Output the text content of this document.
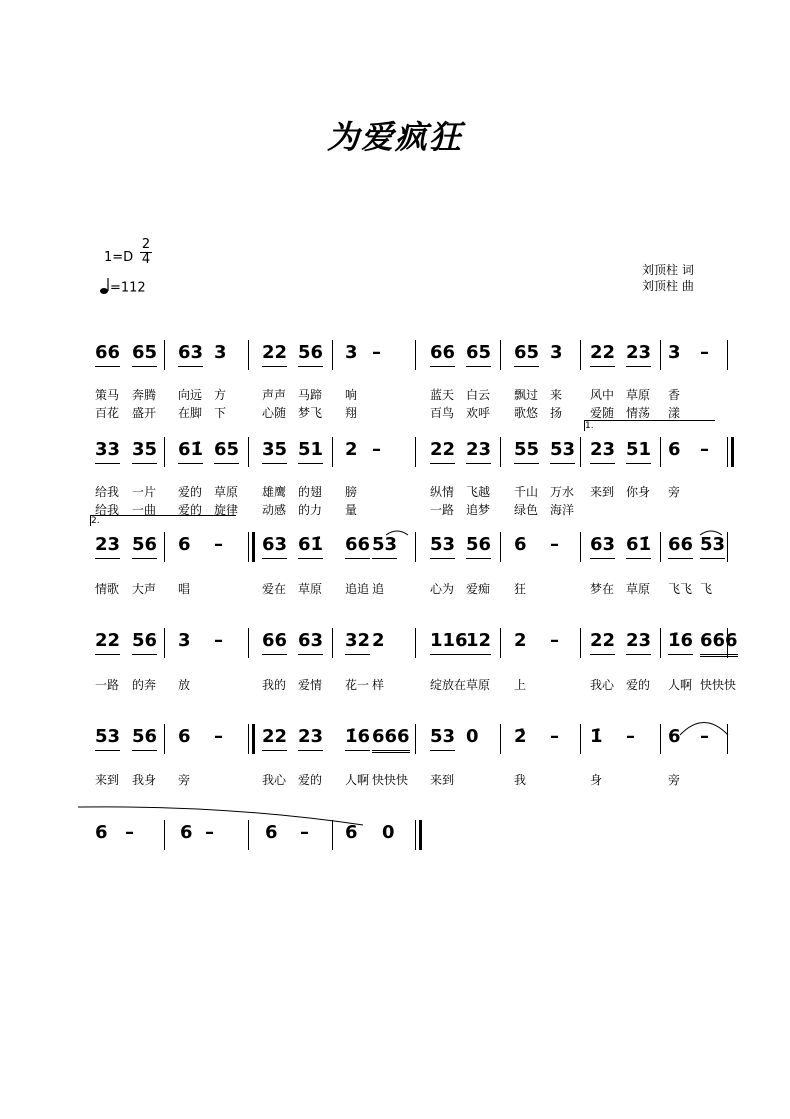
为爱疯狂
1=D
2
4
=112
刘顶柱 词
刘顶柱 曲
66 65 63 3 22 56 3 –	66 65 65 3 22 23 3 –
策马 奔腾 向远 方	声声 马蹄 响	蓝天 白云 飘过 来 风中 草原 香
百花 盛开 在脚 下	心随 梦飞 翔	百鸟 欢呼 歌悠 扬 爱随 情荡 漾
33 35 61̇ 65 35 51 2 –	22 23 55 53 23 51 6 –
给我 一片 爱的 草原 雄鹰 的翅 膀	纵情 飞越 千山 万水 来到 你身 旁
给我 一曲 爱的 旋律 动感 的力 量	一路 追梦 绿色 海洋
23 56 6 – 63 61̇ 66 53 53 56 6 – 63 61̇ 66 53
情歌 大声 唱	爱在 草原 追追 追	心为 爱痴 狂	梦在 草原 飞飞 飞
22 56 3 – 66 63 32 2	116
12 2 – 22 23 1̇6 666
一路 的奔 放	我的 爱情 花一 样	绽放在 草原 上	我心 爱的 人啊 快快快
53 56 6 – 22 23 1̇6 666 53 0 2̇ – 1̇ – 6 –
来到 我身 旁	我心 爱的 人啊 快快快 来到	我	身	旁
6 –	6 –	6 – 6 0
1.
2.
